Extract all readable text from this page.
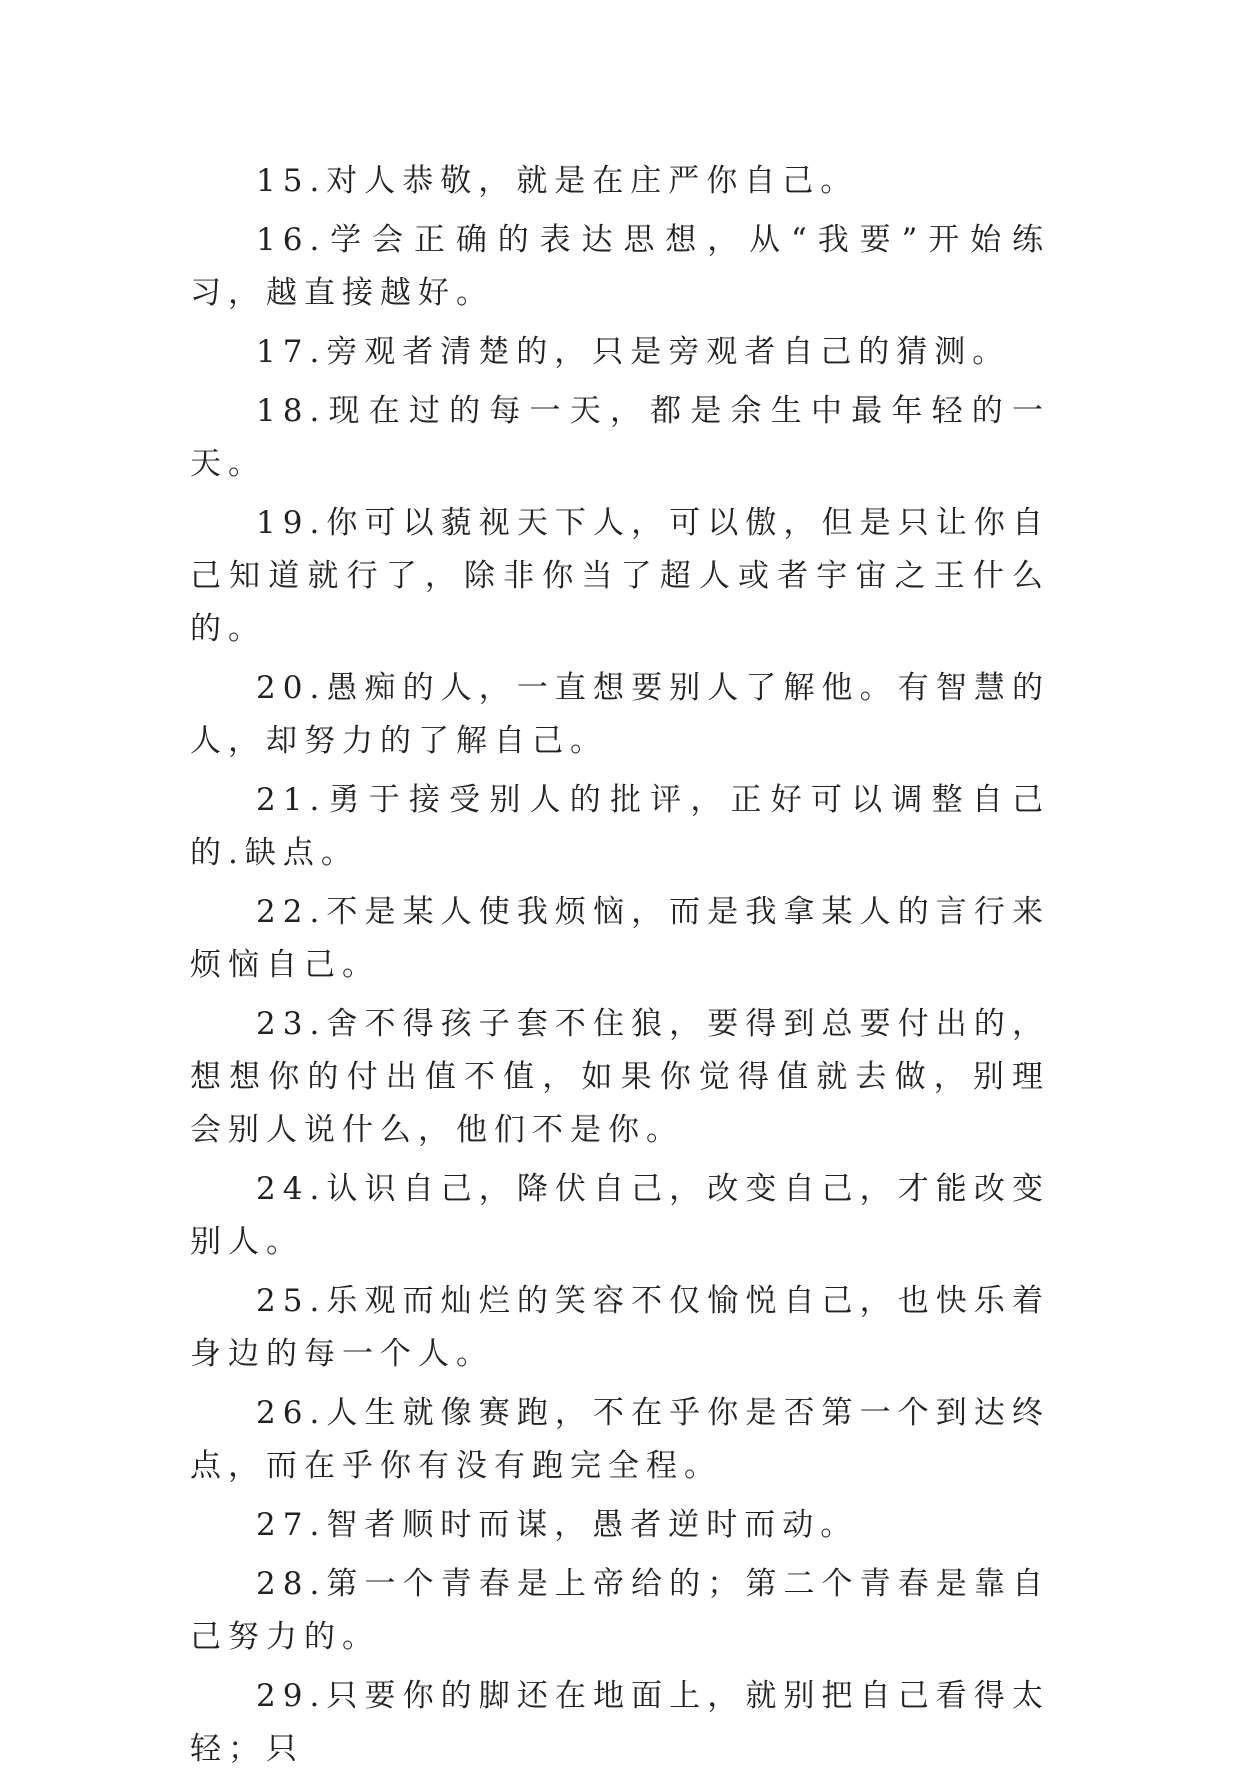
15.对人恭敬，就是在庄严你自己。

16.学会正确的表达思想，从“我要”开始练习，越直接越好。

17.旁观者清楚的，只是旁观者自己的猜测。

18.现在过的每一天，都是余生中最年轻的一天。

19.你可以藐视天下人，可以傲，但是只让你自己知道就行了，除非你当了超人或者宇宙之王什么的。

20.愚痴的人，一直想要别人了解他。有智慧的人，却努力的了解自己。

21.勇于接受别人的批评，正好可以调整自己的.缺点。

22.不是某人使我烦恼，而是我拿某人的言行来烦恼自己。

23.舍不得孩子套不住狼，要得到总要付出的，想想你的付出值不值，如果你觉得值就去做，别理会别人说什么，他们不是你。

24.认识自己，降伏自己，改变自己，才能改变别人。

25.乐观而灿烂的笑容不仅愉悦自己，也快乐着身边的每一个人。

26.人生就像赛跑，不在乎你是否第一个到达终点，而在乎你有没有跑完全程。

27.智者顺时而谋，愚者逆时而动。

28.第一个青春是上帝给的；第二个青春是靠自己努力的。

29.只要你的脚还在地面上，就别把自己看得太轻；只
